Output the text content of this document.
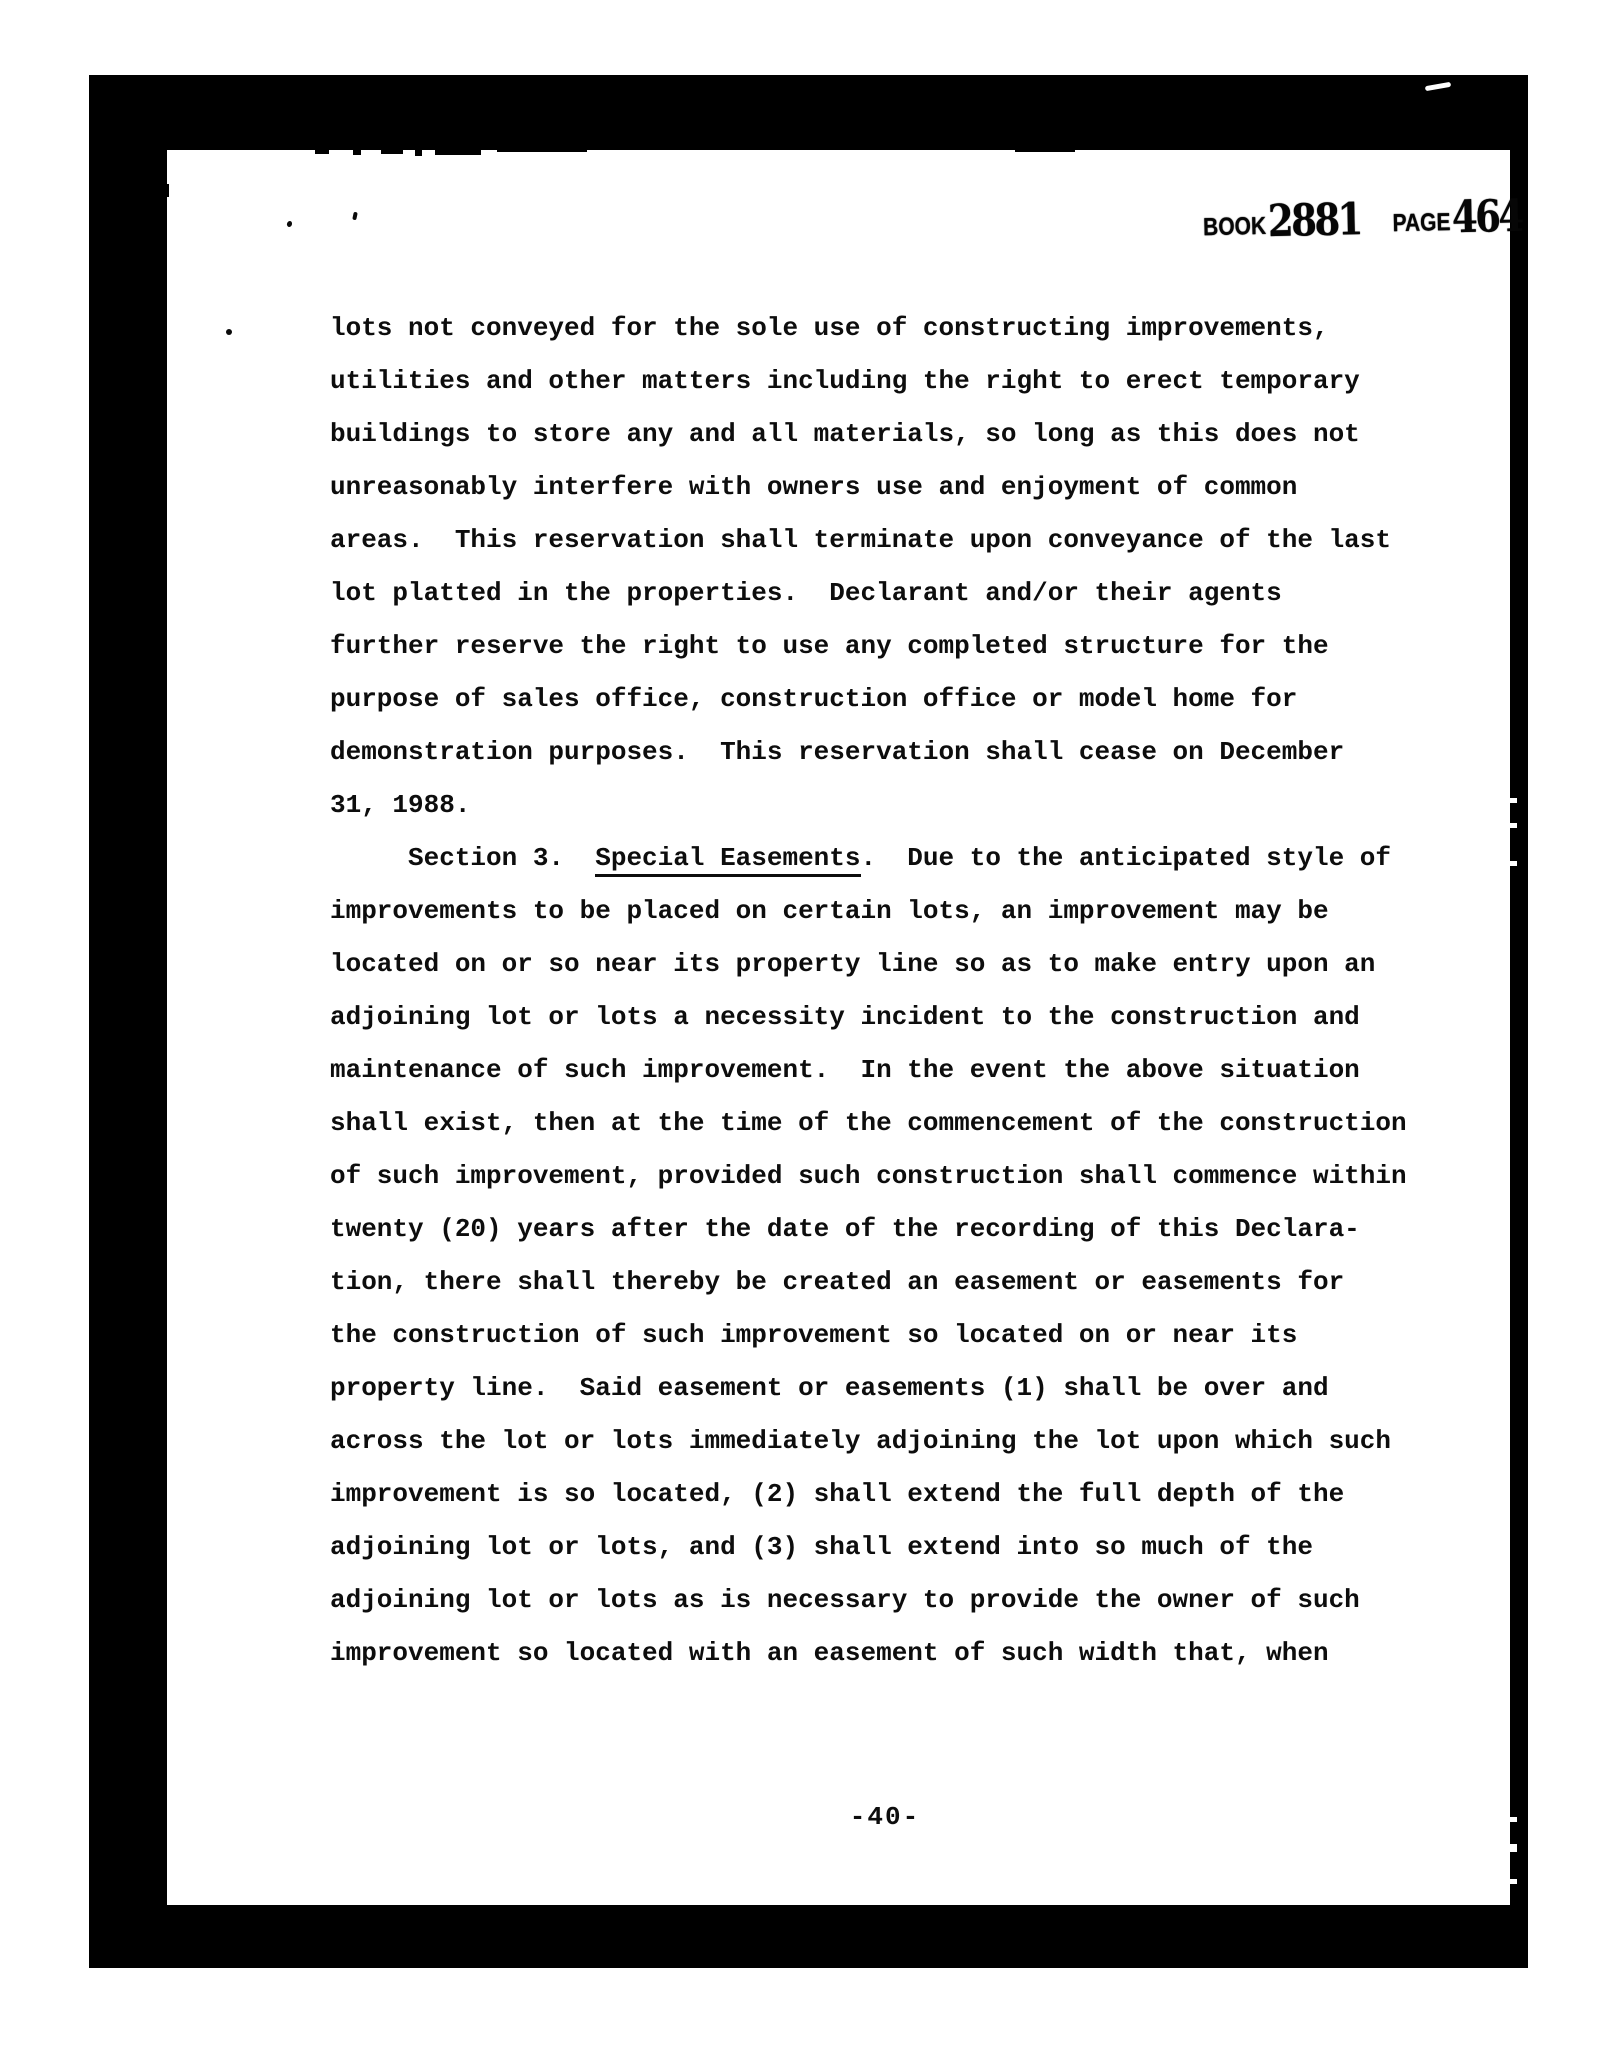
BOOK 2881 PAGE 464
lots not conveyed for the sole use of constructing improvements,
utilities and other matters including the right to erect temporary
buildings to store any and all materials, so long as this does not
unreasonably interfere with owners use and enjoyment of common
areas.  This reservation shall terminate upon conveyance of the last
lot platted in the properties.  Declarant and/or their agents
further reserve the right to use any completed structure for the
purpose of sales office, construction office or model home for
demonstration purposes.  This reservation shall cease on December
31, 1988.
Section 3.  Special Easements.  Due to the anticipated style of
improvements to be placed on certain lots, an improvement may be
located on or so near its property line so as to make entry upon an
adjoining lot or lots a necessity incident to the construction and
maintenance of such improvement.  In the event the above situation
shall exist, then at the time of the commencement of the construction
of such improvement, provided such construction shall commence within
twenty (20) years after the date of the recording of this Declara-
tion, there shall thereby be created an easement or easements for
the construction of such improvement so located on or near its
property line.  Said easement or easements (1) shall be over and
across the lot or lots immediately adjoining the lot upon which such
improvement is so located, (2) shall extend the full depth of the
adjoining lot or lots, and (3) shall extend into so much of the
adjoining lot or lots as is necessary to provide the owner of such
improvement so located with an easement of such width that, when
-40-
